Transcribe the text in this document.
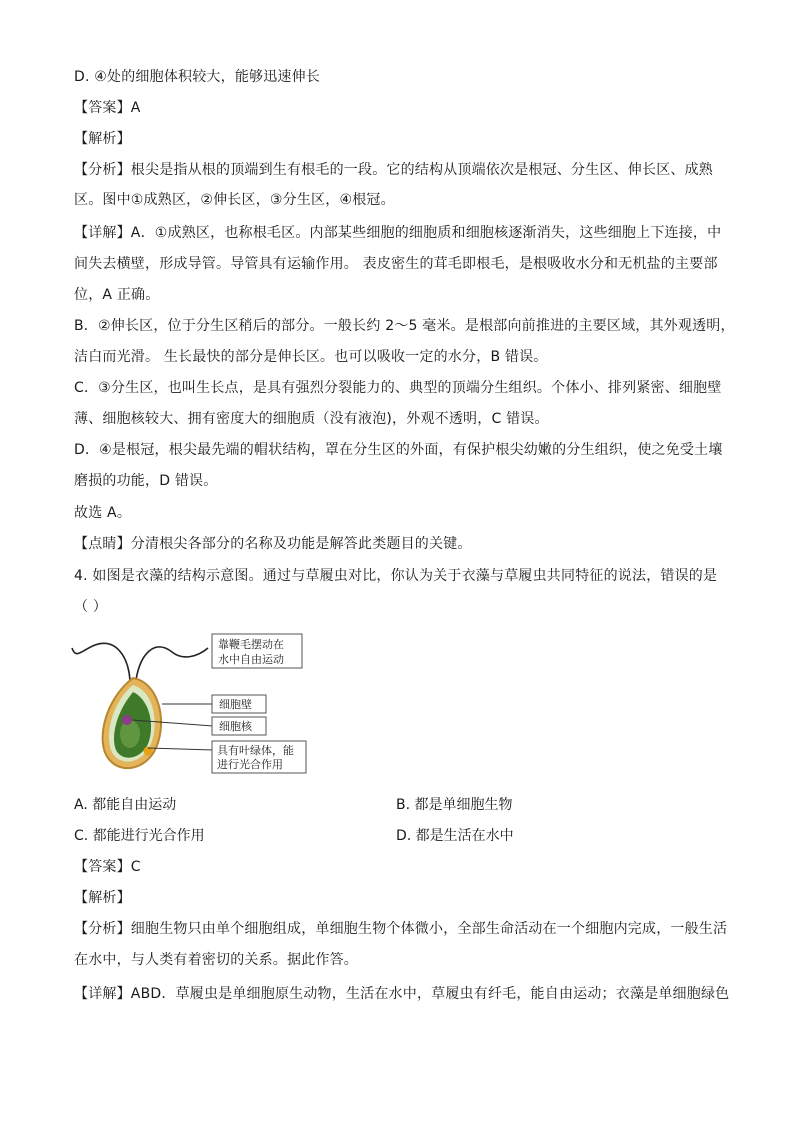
D. ④处的细胞体积较大，能够迅速伸长
【答案】A
【解析】
【分析】根尖是指从根的顶端到生有根毛的一段。它的结构从顶端依次是根冠、分生区、伸长区、成熟
区。图中①成熟区，②伸长区，③分生区，④根冠。
【详解】A．①成熟区，也称根毛区。内部某些细胞的细胞质和细胞核逐渐消失，这些细胞上下连接，中
间失去横壁，形成导管。导管具有运输作用。 表皮密生的茸毛即根毛，是根吸收水分和无机盐的主要部
位，A 正确。
B．②伸长区，位于分生区稍后的部分。一般长约 2～5 毫米。是根部向前推进的主要区域，其外观透明，
洁白而光滑。 生长最快的部分是伸长区。也可以吸收一定的水分，B 错误。
C．③分生区，也叫生长点，是具有强烈分裂能力的、典型的顶端分生组织。个体小、排列紧密、细胞壁
薄、细胞核较大、拥有密度大的细胞质（没有液泡)，外观不透明，C 错误。
D．④是根冠，根尖最先端的帽状结构，罩在分生区的外面，有保护根尖幼嫩的分生组织，使之免受土壤
磨损的功能，D 错误。
故选 A。
【点睛】分清根尖各部分的名称及功能是解答此类题目的关键。
4. 如图是衣藻的结构示意图。通过与草履虫对比，你认为关于衣藻与草履虫共同特征的说法，错误的是
（ ）
靠鞭毛摆动在
水中自由运动
细胞壁
细胞核
具有叶绿体，能
进行光合作用
A. 都能自由运动	B. 都是单细胞生物
C. 都能进行光合作用	D. 都是生活在水中
【答案】C
【解析】
【分析】细胞生物只由单个细胞组成，单细胞生物个体微小，全部生命活动在一个细胞内完成，一般生活
在水中，与人类有着密切的关系。据此作答。
【详解】ABD．草履虫是单细胞原生动物，生活在水中，草履虫有纤毛，能自由运动；衣藻是单细胞绿色
